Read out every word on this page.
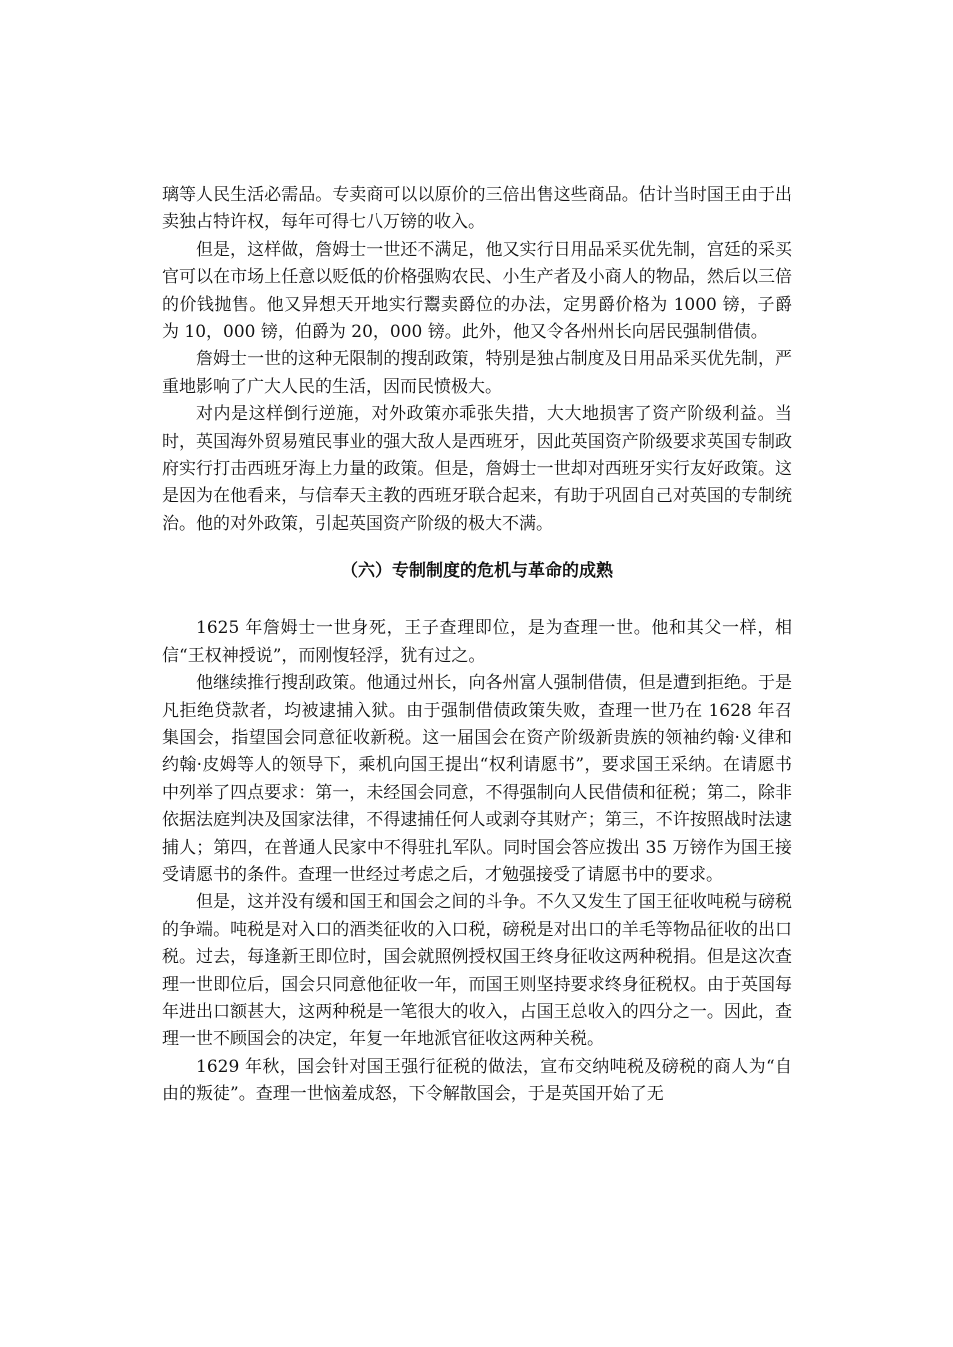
璃等人民生活必需品。专卖商可以以原价的三倍出售这些商品。估计当时国王由于出卖独占特许权，每年可得七八万镑的收入。

但是，这样做，詹姆士一世还不满足，他又实行日用品采买优先制，宫廷的采买官可以在市场上任意以贬低的价格强购农民、小生产者及小商人的物品，然后以三倍的价钱抛售。他又异想天开地实行鬻卖爵位的办法，定男爵价格为 1000 镑，子爵为 10，000 镑，伯爵为 20，000 镑。此外，他又令各州州长向居民强制借债。

詹姆士一世的这种无限制的搜刮政策，特别是独占制度及日用品采买优先制，严重地影响了广大人民的生活，因而民愤极大。

对内是这样倒行逆施，对外政策亦乖张失措，大大地损害了资产阶级利益。当时，英国海外贸易殖民事业的强大敌人是西班牙，因此英国资产阶级要求英国专制政府实行打击西班牙海上力量的政策。但是，詹姆士一世却对西班牙实行友好政策。这是因为在他看来，与信奉天主教的西班牙联合起来，有助于巩固自己对英国的专制统治。他的对外政策，引起英国资产阶级的极大不满。

（六）专制制度的危机与革命的成熟

1625 年詹姆士一世身死，王子查理即位，是为查理一世。他和其父一样，相信“王权神授说”，而刚愎轻浮，犹有过之。

他继续推行搜刮政策。他通过州长，向各州富人强制借债，但是遭到拒绝。于是凡拒绝贷款者，均被逮捕入狱。由于强制借债政策失败，查理一世乃在 1628 年召集国会，指望国会同意征收新税。这一届国会在资产阶级新贵族的领袖约翰·义律和约翰·皮姆等人的领导下，乘机向国王提出“权利请愿书”，要求国王采纳。在请愿书中列举了四点要求：第一，未经国会同意，不得强制向人民借债和征税；第二，除非依据法庭判决及国家法律，不得逮捕任何人或剥夺其财产；第三，不许按照战时法逮捕人；第四，在普通人民家中不得驻扎军队。同时国会答应拨出 35 万镑作为国王接受请愿书的条件。查理一世经过考虑之后，才勉强接受了请愿书中的要求。

但是，这并没有缓和国王和国会之间的斗争。不久又发生了国王征收吨税与磅税的争端。吨税是对入口的酒类征收的入口税，磅税是对出口的羊毛等物品征收的出口税。过去，每逢新王即位时，国会就照例授权国王终身征收这两种税捐。但是这次查理一世即位后，国会只同意他征收一年，而国王则坚持要求终身征税权。由于英国每年进出口额甚大，这两种税是一笔很大的收入，占国王总收入的四分之一。因此，查理一世不顾国会的决定，年复一年地派官征收这两种关税。

1629 年秋，国会针对国王强行征税的做法，宣布交纳吨税及磅税的商人为“自由的叛徒”。查理一世恼羞成怒，下令解散国会，于是英国开始了无
